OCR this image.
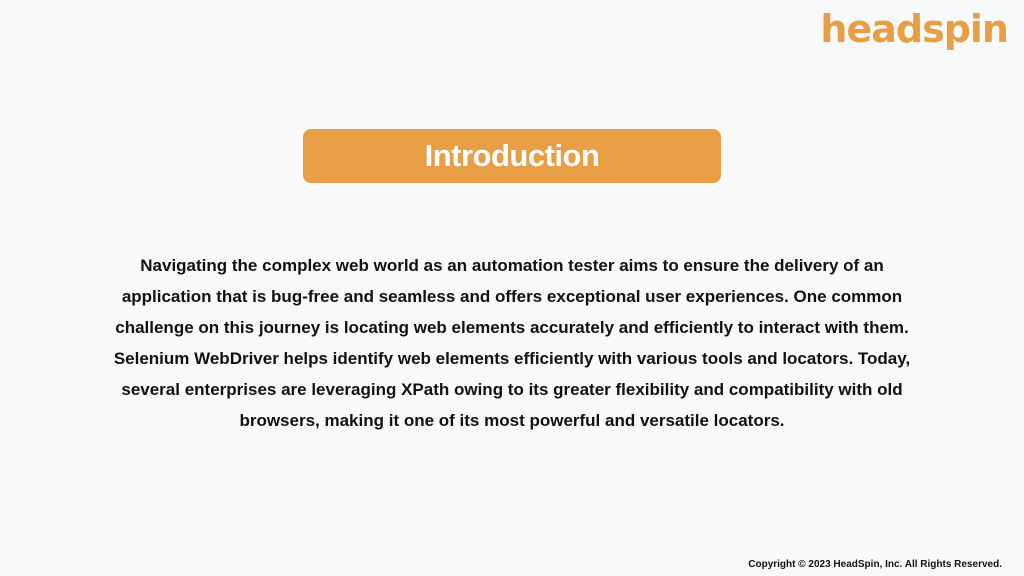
headspin
Introduction

Navigating the complex web world as an automation tester aims to ensure the delivery of an
application that is bug-free and seamless and offers exceptional user experiences. One common
challenge on this journey is locating web elements accurately and efficiently to interact with them.
Selenium WebDriver helps identify web elements efficiently with various tools and locators. Today,
several enterprises are leveraging XPath owing to its greater flexibility and compatibility with old
browsers, making it one of its most powerful and versatile locators.

Copyright © 2023 HeadSpin, Inc. All Rights Reserved.
